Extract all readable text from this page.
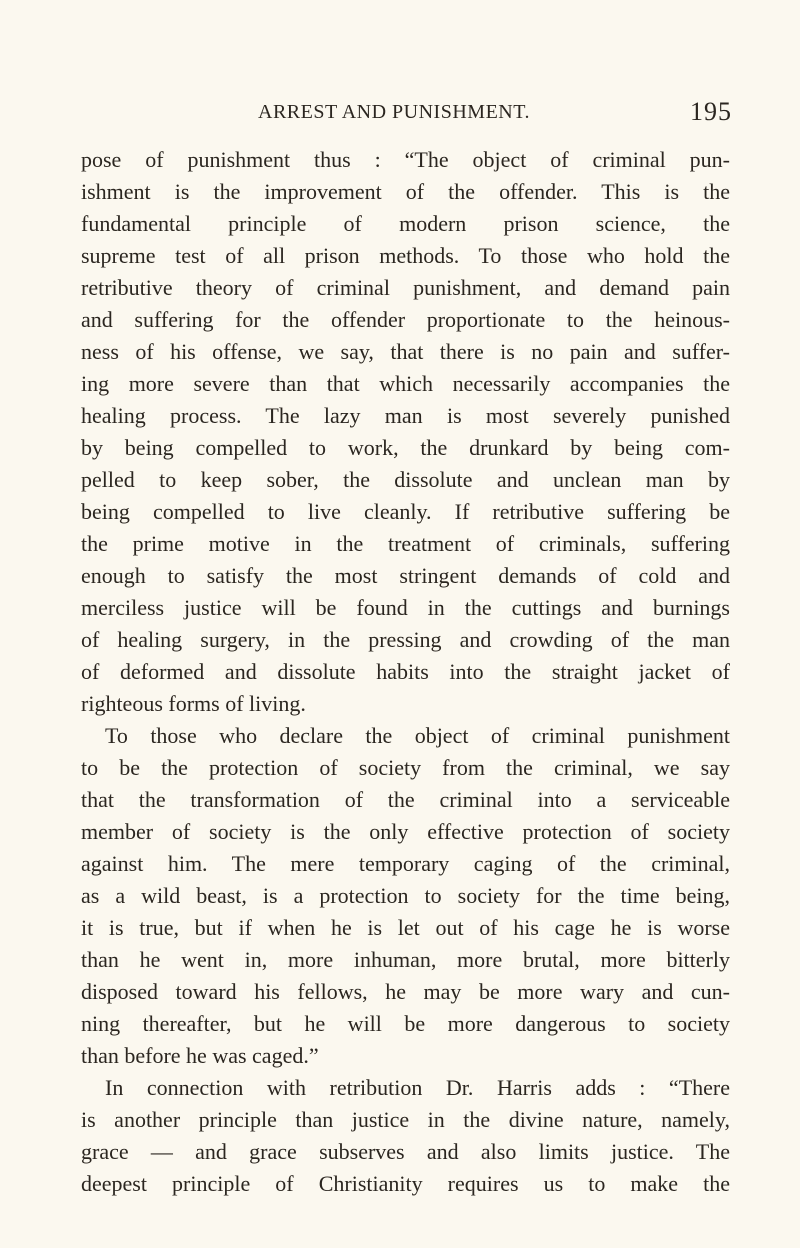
ARREST AND PUNISHMENT.	195
pose of punishment thus : “The object of criminal pun-
ishment is the improvement of the offender. This is the
fundamental principle of modern prison science, the
supreme test of all prison methods. To those who hold the
retributive theory of criminal punishment, and demand pain
and suffering for the offender proportionate to the heinous-
ness of his offense, we say, that there is no pain and suffer-
ing more severe than that which necessarily accompanies the
healing process. The lazy man is most severely punished
by being compelled to work, the drunkard by being com-
pelled to keep sober, the dissolute and unclean man by
being compelled to live cleanly. If retributive suffering be
the prime motive in the treatment of criminals, suffering
enough to satisfy the most stringent demands of cold and
merciless justice will be found in the cuttings and burnings
of healing surgery, in the pressing and crowding of the man
of deformed and dissolute habits into the straight jacket of
righteous forms of living.
To those who declare the object of criminal punishment
to be the protection of society from the criminal, we say
that the transformation of the criminal into a serviceable
member of society is the only effective protection of society
against him. The mere temporary caging of the criminal,
as a wild beast, is a protection to society for the time being,
it is true, but if when he is let out of his cage he is worse
than he went in, more inhuman, more brutal, more bitterly
disposed toward his fellows, he may be more wary and cun-
ning thereafter, but he will be more dangerous to society
than before he was caged.”
In connection with retribution Dr. Harris adds : “There
is another principle than justice in the divine nature, namely,
grace — and grace subserves and also limits justice. The
deepest principle of Christianity requires us to make the
